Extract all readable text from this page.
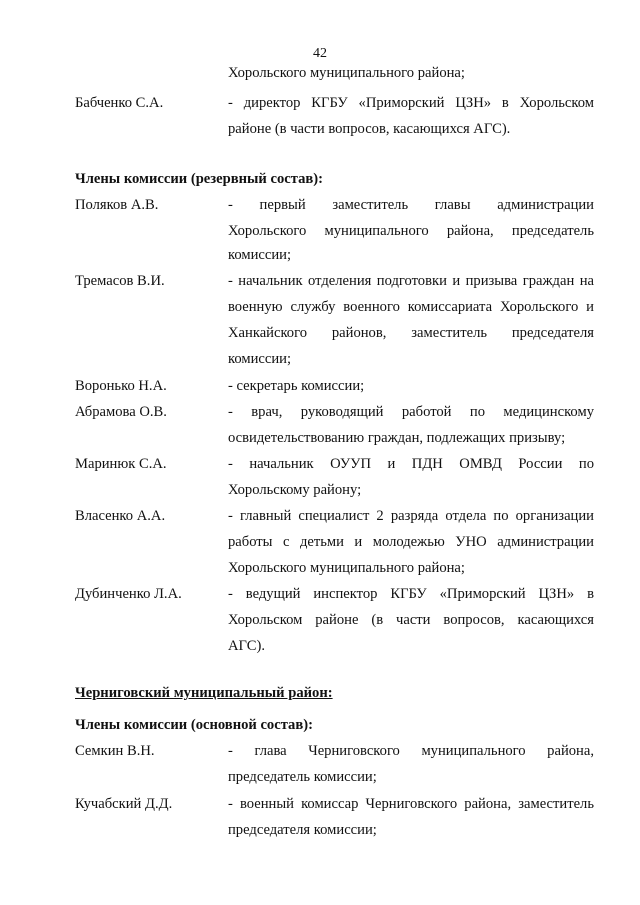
42
Хорольского муниципального района;
Бабченко С.А.	- директор КГБУ «Приморский ЦЗН» в Хорольском
районе (в части вопросов, касающихся АГС).
Члены комиссии (резервный состав):
Поляков А.В.	- первый заместитель главы администрации
Хорольского муниципального района, председатель
комиссии;
Тремасов В.И.	- начальник отделения подготовки и призыва граждан на
военную службу военного комиссариата Хорольского и
Ханкайского районов, заместитель председателя
комиссии;
Воронько Н.А.	- секретарь комиссии;
Абрамова О.В.	- врач, руководящий работой по медицинскому
освидетельствованию граждан, подлежащих призыву;
Маринюк С.А.	- начальник ОУУП и ПДН ОМВД России по
Хорольскому району;
Власенко А.А.	- главный специалист 2 разряда отдела по организации
работы с детьми и молодежью УНО администрации
Хорольского муниципального района;
Дубинченко Л.А.	- ведущий инспектор КГБУ «Приморский ЦЗН» в
Хорольском районе (в части вопросов, касающихся
АГС).
Черниговский муниципальный район:
Члены комиссии (основной состав):
Семкин В.Н.	- глава Черниговского муниципального района,
председатель комиссии;
Кучабский Д.Д.	- военный комиссар Черниговского района, заместитель
председателя комиссии;
